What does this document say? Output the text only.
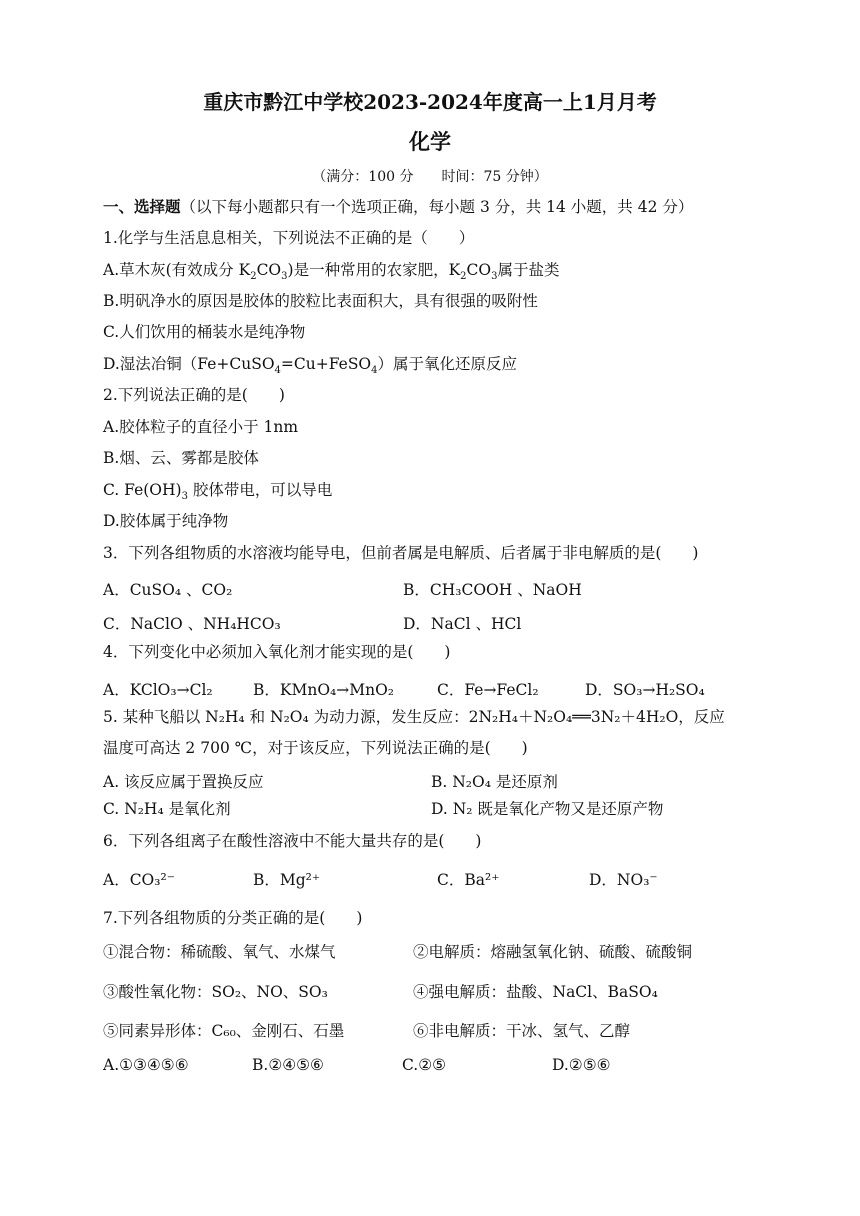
重庆市黔江中学校2023-2024年度高一上1月月考
化学
（满分：100 分　　时间：75 分钟）
一、选择题（以下每小题都只有一个选项正确，每小题 3 分，共 14 小题，共 42 分）
1.化学与生活息息相关，下列说法不正确的是（　　）
A.草木灰(有效成分 $K_2CO_3$)是一种常用的农家肥，$K_2CO_3$属于盐类
B.明矾净水的原因是胶体的胶粒比表面积大，具有很强的吸附性
C.人们饮用的桶装水是纯净物
D.湿法冶铜（Fe+CuSO$_4$=Cu+FeSO$_4$）属于氧化还原反应
2.下列说法正确的是(　　)
A.胶体粒子的直径小于 1nm
B.烟、云、雾都是胶体
C. $Fe(OH)_3$ 胶体带电，可以导电
D.胶体属于纯净物
3．下列各组物质的水溶液均能导电，但前者属是电解质、后者属于非电解质的是(　　)
A．CuSO₄ 、CO₂	B．CH₃COOH 、NaOH
C．NaClO 、NH₄HCO₃	D．NaCl 、HCl
4．下列变化中必须加入氧化剂才能实现的是(　　)
A．KClO₃→Cl₂	B．KMnO₄→MnO₂	C．Fe→FeCl₂	D．SO₃→H₂SO₄
5. 某种飞船以 N₂H₄ 和 N₂O₄ 为动力源，发生反应：2N₂H₄＋N₂O₄══3N₂＋4H₂O，反应
温度可高达 2 700 ℃，对于该反应，下列说法正确的是(　　)
A. 该反应属于置换反应	B. N₂O₄ 是还原剂
C. N₂H₄ 是氧化剂	D. N₂ 既是氧化产物又是还原产物
6．下列各组离子在酸性溶液中不能大量共存的是(　　)
A．CO₃²⁻	B．Mg²⁺	C．Ba²⁺	D．NO₃⁻
7.下列各组物质的分类正确的是(　　)
①混合物：稀硫酸、氧气、水煤气	②电解质：熔融氢氧化钠、硫酸、硫酸铜
③酸性氧化物：SO₂、NO、SO₃	④强电解质：盐酸、NaCl、BaSO₄
⑤同素异形体：C₆₀、金刚石、石墨	⑥非电解质：干冰、氢气、乙醇
A.①③④⑤⑥	B.②④⑤⑥	C.②⑤	D.②⑤⑥
